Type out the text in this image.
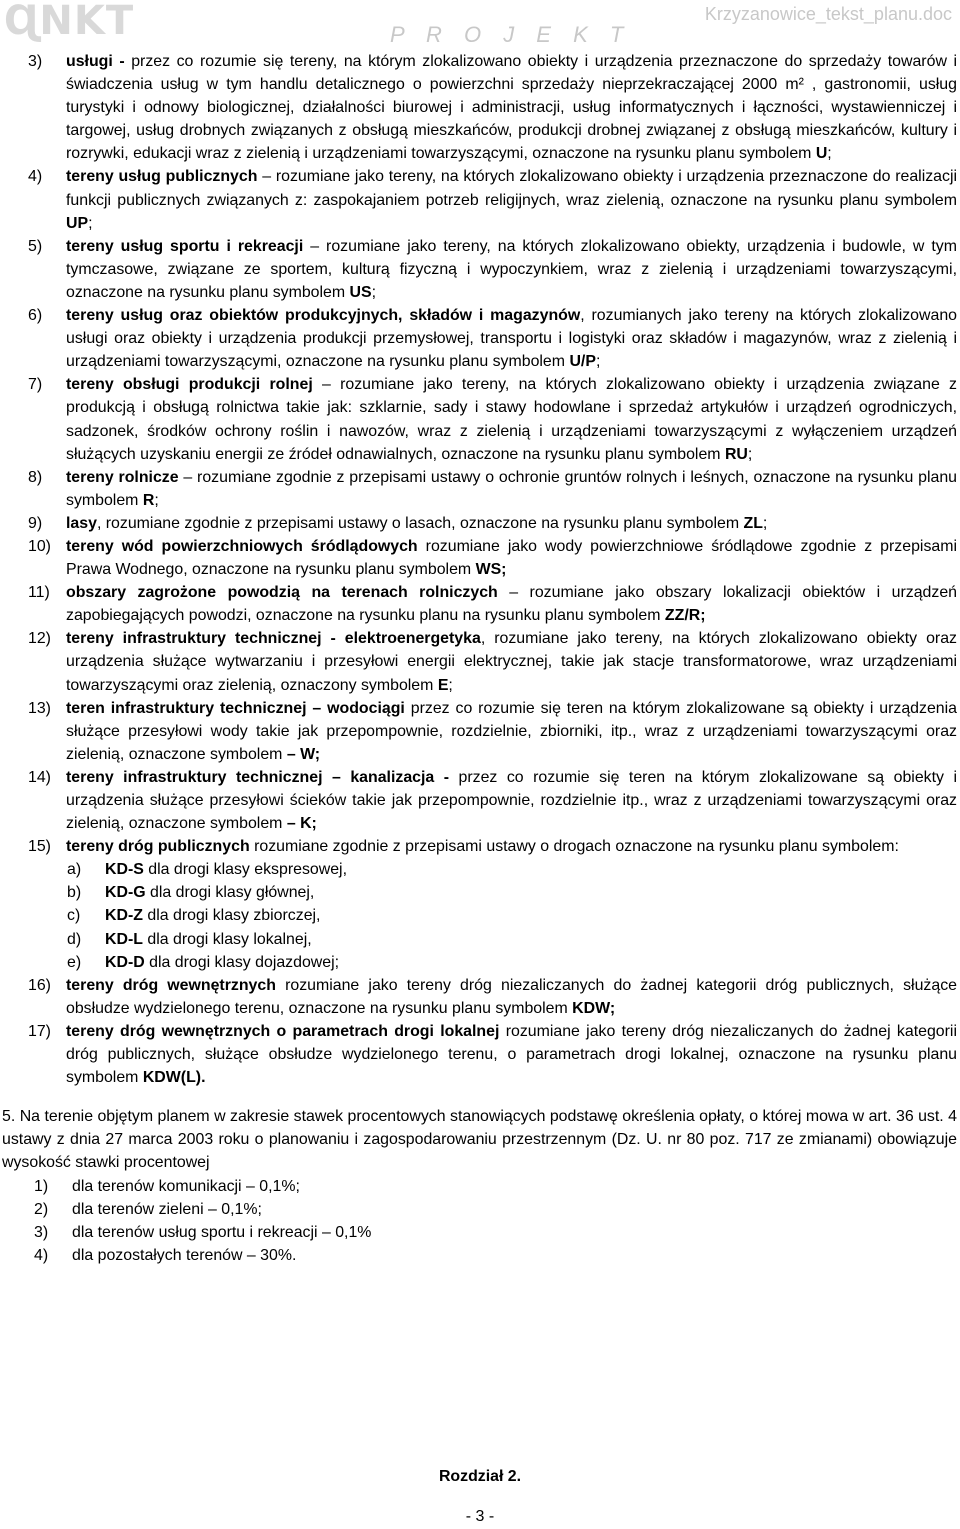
ɊNKT	P R O J E K T
Krzyzanowice_tekst_planu.doc
3) usługi - przez co rozumie się tereny, na którym zlokalizowano obiekty i urządzenia przeznaczone do sprzedaży towarów i świadczenia usług w tym handlu detalicznego o powierzchni sprzedaży nieprzekraczającej 2000 m² , gastronomii, usług turystyki i odnowy biologicznej, działalności biurowej i administracji, usług informatycznych i łączności, wystawienniczej i targowej, usług drobnych związanych z obsługą mieszkańców, produkcji drobnej związanej z obsługą mieszkańców, kultury i rozrywki, edukacji wraz z zielenią i urządzeniami towarzyszącymi, oznaczone na rysunku planu symbolem U;
4) tereny usług publicznych – rozumiane jako tereny, na których zlokalizowano obiekty i urządzenia przeznaczone do realizacji funkcji publicznych związanych z: zaspokajaniem potrzeb religijnych, wraz zielenią, oznaczone na rysunku planu symbolem UP;
5) tereny usług sportu i rekreacji – rozumiane jako tereny, na których zlokalizowano obiekty, urządzenia i budowle, w tym tymczasowe, związane ze sportem, kulturą fizyczną i wypoczynkiem, wraz z zielenią i urządzeniami towarzyszącymi, oznaczone na rysunku planu symbolem US;
6) tereny usług oraz obiektów produkcyjnych, składów i magazynów, rozumianych jako tereny na których zlokalizowano usługi oraz obiekty i urządzenia produkcji przemysłowej, transportu i logistyki oraz składów i magazynów, wraz z zielenią i urządzeniami towarzyszącymi, oznaczone na rysunku planu symbolem U/P;
7) tereny obsługi produkcji rolnej – rozumiane jako tereny, na których zlokalizowano obiekty i urządzenia związane z produkcją i obsługą rolnictwa takie jak: szklarnie, sady i stawy hodowlane i sprzedaż artykułów i urządzeń ogrodniczych, sadzonek, środków ochrony roślin i nawozów, wraz z zielenią i urządzeniami towarzyszącymi z wyłączeniem urządzeń służących uzyskaniu energii ze źródeł odnawialnych, oznaczone na rysunku planu symbolem RU;
8) tereny rolnicze – rozumiane zgodnie z przepisami ustawy o ochronie gruntów rolnych i leśnych, oznaczone na rysunku planu symbolem R;
9) lasy, rozumiane zgodnie z przepisami ustawy o lasach, oznaczone na rysunku planu symbolem ZL;
10) tereny wód powierzchniowych śródlądowych rozumiane jako wody powierzchniowe śródlądowe zgodnie z przepisami Prawa Wodnego, oznaczone na rysunku planu symbolem WS;
11) obszary zagrożone powodzią na terenach rolniczych – rozumiane jako obszary lokalizacji obiektów i urządzeń zapobiegających powodzi, oznaczone na rysunku planu na rysunku planu symbolem ZZ/R;
12) tereny infrastruktury technicznej - elektroenergetyka, rozumiane jako tereny, na których zlokalizowano obiekty oraz urządzenia służące wytwarzaniu i przesyłowi energii elektrycznej, takie jak stacje transformatorowe, wraz urządzeniami towarzyszącymi oraz zielenią, oznaczony symbolem E;
13) teren infrastruktury technicznej – wodociągi przez co rozumie się teren na którym zlokalizowane są obiekty i urządzenia służące przesyłowi wody takie jak przepompownie, rozdzielnie, zbiorniki, itp., wraz z urządzeniami towarzyszącymi oraz zielenią, oznaczone symbolem – W;
14) tereny infrastruktury technicznej – kanalizacja - przez co rozumie się teren na którym zlokalizowane są obiekty i urządzenia służące przesyłowi ścieków takie jak przepompownie, rozdzielnie itp., wraz z urządzeniami towarzyszącymi oraz zielenią, oznaczone symbolem – K;
15) tereny dróg publicznych rozumiane zgodnie z przepisami ustawy o drogach oznaczone na rysunku planu symbolem:
a) KD-S dla drogi klasy ekspresowej,
b) KD-G dla drogi klasy głównej,
c) KD-Z dla drogi klasy zbiorczej,
d) KD-L dla drogi klasy lokalnej,
e) KD-D dla drogi klasy dojazdowej;
16) tereny dróg wewnętrznych rozumiane jako tereny dróg niezaliczanych do żadnej kategorii dróg publicznych, służące obsłudze wydzielonego terenu, oznaczone na rysunku planu symbolem KDW;
17) tereny dróg wewnętrznych o parametrach drogi lokalnej rozumiane jako tereny dróg niezaliczanych do żadnej kategorii dróg publicznych, służące obsłudze wydzielonego terenu, o parametrach drogi lokalnej, oznaczone na rysunku planu symbolem KDW(L).
5. Na terenie objętym planem w zakresie stawek procentowych stanowiących podstawę określenia opłaty, o której mowa w art. 36 ust. 4 ustawy z dnia 27 marca 2003 roku o planowaniu i zagospodarowaniu przestrzennym (Dz. U. nr 80 poz. 717 ze zmianami) obowiązuje wysokość stawki procentowej
1) dla terenów komunikacji – 0,1%;
2) dla terenów zieleni – 0,1%;
3) dla terenów usług sportu i rekreacji – 0,1%
4) dla pozostałych terenów – 30%.
Rozdział 2.
- 3 -
